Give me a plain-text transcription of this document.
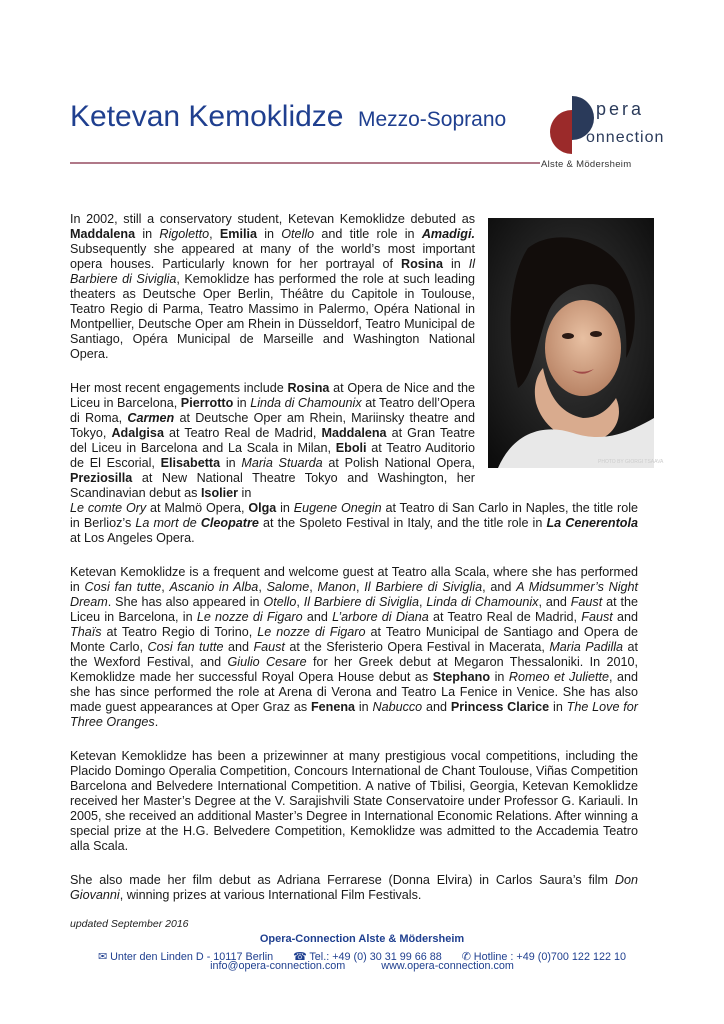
Ketevan Kemoklidze Mezzo-Soprano	pera
onnection
Alste & Mödersheim
PHOTO BY GIORGI TSAAVA

In 2002, still a conservatory student, Ketevan Kemoklidze debuted as Maddalena in Rigoletto, Emilia in Otello and title role in Amadigi. Subsequently she appeared at many of the world’s most important opera houses. Particularly known for her portrayal of Rosina in Il Barbiere di Siviglia, Kemoklidze has performed the role at such leading theaters as Deutsche Oper Berlin, Théâtre du Capitole in Toulouse, Teatro Regio di Parma, Teatro Massimo in Palermo, Opéra National in Montpellier, Deutsche Oper am Rhein in Düsseldorf, Teatro Municipal de Santiago, Opéra Municipal de Marseille and Washington National Opera.

Her most recent engagements include Rosina at Opera de Nice and the Liceu in Barcelona, Pierrotto in Linda di Chamounix at Teatro dell’Opera di Roma, Carmen at Deutsche Oper am Rhein, Mariinsky theatre and Tokyo, Adalgisa at Teatro Real de Madrid, Maddalena at Gran Teatre del Liceu in Barcelona and La Scala in Milan, Eboli at Teatro Auditorio de El Escorial, Elisabetta in Maria Stuarda at Polish National Opera, Preziosilla at New National Theatre Tokyo and Washington, her Scandinavian debut as Isolier in
Le comte Ory at Malmö Opera, Olga in Eugene Onegin at Teatro di San Carlo in Naples, the title role in Berlioz’s La mort de Cleopatre at the Spoleto Festival in Italy, and the title role in La Cenerentola at Los Angeles Opera.

Ketevan Kemoklidze is a frequent and welcome guest at Teatro alla Scala, where she has performed in Cosi fan tutte, Ascanio in Alba, Salome, Manon, Il Barbiere di Siviglia, and A Midsummer’s Night Dream. She has also appeared in Otello, Il Barbiere di Siviglia, Linda di Chamounix, and Faust at the Liceu in Barcelona, in Le nozze di Figaro and L’arbore di Diana at Teatro Real de Madrid, Faust and Thaïs at Teatro Regio di Torino, Le nozze di Figaro at Teatro Municipal de Santiago and Opera de Monte Carlo, Cosi fan tutte and Faust at the Sferisterio Opera Festival in Macerata, Maria Padilla at the Wexford Festival, and Giulio Cesare for her Greek debut at Megaron Thessaloniki. In 2010, Kemoklidze made her successful Royal Opera House debut as Stephano in Romeo et Juliette, and she has since performed the role at Arena di Verona and Teatro La Fenice in Venice. She has also made guest appearances at Oper Graz as Fenena in Nabucco and Princess Clarice in The Love for Three Oranges.

Ketevan Kemoklidze has been a prizewinner at many prestigious vocal competitions, including the Placido Domingo Operalia Competition, Concours International de Chant Toulouse, Viñas Competition Barcelona and Belvedere International Competition. A native of Tbilisi, Georgia, Ketevan Kemoklidze received her Master’s Degree at the V. Sarajishvili State Conservatoire under Professor G. Kariauli. In 2005, she received an additional Master’s Degree in International Economic Relations. After winning a special prize at the H.G. Belvedere Competition, Kemoklidze was admitted to the Accademia Teatro alla Scala.

She also made her film debut as Adriana Ferrarese (Donna Elvira) in Carlos Saura’s film Don Giovanni, winning prizes at various International Film Festivals.

updated September 2016
Opera-Connection Alste & Mödersheim
✉ Unter den Linden D - 10117 Berlin ☎ Tel.: +49 (0) 30 31 99 66 88 ✆ Hotline : +49 (0)700 122 122 10
info@opera-connection.com	www.opera-connection.com
